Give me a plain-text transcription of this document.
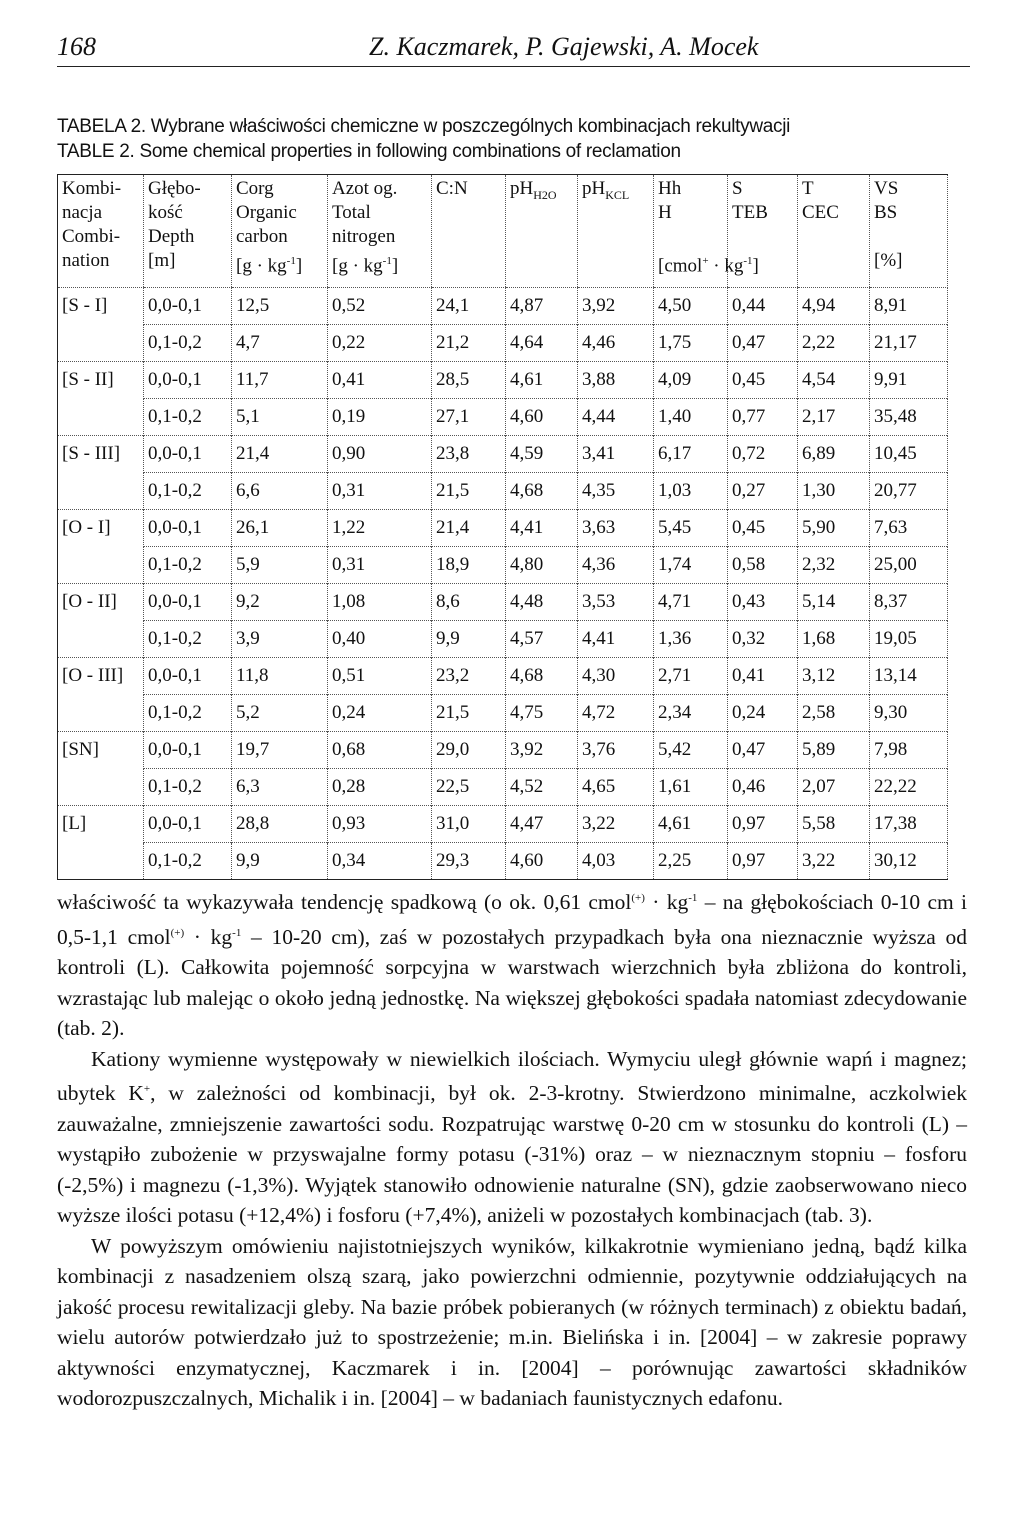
168	Z. Kaczmarek, P. Gajewski, A. Mocek
TABELA 2. Wybrane właściwości chemiczne w poszczególnych kombinacjach rekultywacji
TABLE 2. Some chemical properties in following combinations of reclamation
Kombi-
nacja
Combi-
nation	Głębo-
kość
Depth
[m]	Corg
Organic
carbon
$[g \cdot kg^{-1}]$	Azot og.
Total
nitrogen
$[g \cdot kg^{-1}]$	C:N	$pH_{H2O}$	$pH_{KCL}$	Hh
H
[cmol+ · $kg^{-1}$]	S
TEB	T
CEC	VS
BS
[%]

[S - I]	0,0-0,1	12,5	0,52	24,1	4,87	3,92	4,50	0,44	4,94	8,91
	0,1-0,2	4,7	0,22	21,2	4,64	4,46	1,75	0,47	2,22	21,17
[S - II]	0,0-0,1	11,7	0,41	28,5	4,61	3,88	4,09	0,45	4,54	9,91
	0,1-0,2	5,1	0,19	27,1	4,60	4,44	1,40	0,77	2,17	35,48
[S - III]	0,0-0,1	21,4	0,90	23,8	4,59	3,41	6,17	0,72	6,89	10,45
	0,1-0,2	6,6	0,31	21,5	4,68	4,35	1,03	0,27	1,30	20,77
[O - I]	0,0-0,1	26,1	1,22	21,4	4,41	3,63	5,45	0,45	5,90	7,63
	0,1-0,2	5,9	0,31	18,9	4,80	4,36	1,74	0,58	2,32	25,00
[O - II]	0,0-0,1	9,2	1,08	8,6	4,48	3,53	4,71	0,43	5,14	8,37
	0,1-0,2	3,9	0,40	9,9	4,57	4,41	1,36	0,32	1,68	19,05
[O - III]	0,0-0,1	11,8	0,51	23,2	4,68	4,30	2,71	0,41	3,12	13,14
	0,1-0,2	5,2	0,24	21,5	4,75	4,72	2,34	0,24	2,58	9,30
[SN]	0,0-0,1	19,7	0,68	29,0	3,92	3,76	5,42	0,47	5,89	7,98
	0,1-0,2	6,3	0,28	22,5	4,52	4,65	1,61	0,46	2,07	22,22
[L]	0,0-0,1	28,8	0,93	31,0	4,47	3,22	4,61	0,97	5,58	17,38
	0,1-0,2	9,9	0,34	29,3	4,60	4,03	2,25	0,97	3,22	30,12

właściwość ta wykazywała tendencję spadkową (o ok. 0,61 cmol(+) · $kg^{-1}$ – na głębokościach 0-10 cm i 0,5-1,1 cmol(+) · $kg^{-1} - 10-20$ cm), zaś w pozostałych przypadkach była ona nieznacznie wyższa od kontroli (L). Całkowita pojemność sorpcyjna w warstwach wierzchnich była zbliżona do kontroli, wzrastając lub malejąc o około jedną jednostkę. Na większej głębokości spadała natomiast zdecydowanie (tab. 2).

Kationy wymienne występowały w niewielkich ilościach. Wymyciu uległ głównie wapń i magnez; ubytek K+, w zależności od kombinacji, był ok. 2-3-krotny. Stwierdzono minimalne, aczkolwiek zauważalne, zmniejszenie zawartości sodu. Rozpatrując warstwę 0-20 cm w stosunku do kontroli (L) – wystąpiło zubożenie w przyswajalne formy potasu (-31%) oraz – w nieznacznym stopniu – fosforu (-2,5%) i magnezu (-1,3%). Wyjątek stanowiło odnowienie naturalne (SN), gdzie zaobserwowano nieco wyższe ilości potasu (+12,4%) i fosforu (+7,4%), aniżeli w pozostałych kombinacjach (tab. 3).

W powyższym omówieniu najistotniejszych wyników, kilkakrotnie wymieniano jedną, bądź kilka kombinacji z nasadzeniem olszą szarą, jako powierzchni odmiennie, pozytywnie oddziałujących na jakość procesu rewitalizacji gleby. Na bazie próbek pobieranych (w różnych terminach) z obiektu badań, wielu autorów potwierdzało już to spostrzeżenie; m.in. Bielińska i in. [2004] – w zakresie poprawy aktywności enzymatycznej, Kaczmarek i in. [2004] – porównując zawartości składników wodorozpuszczalnych, Michalik i in. [2004] – w badaniach faunistycznych edafonu.
